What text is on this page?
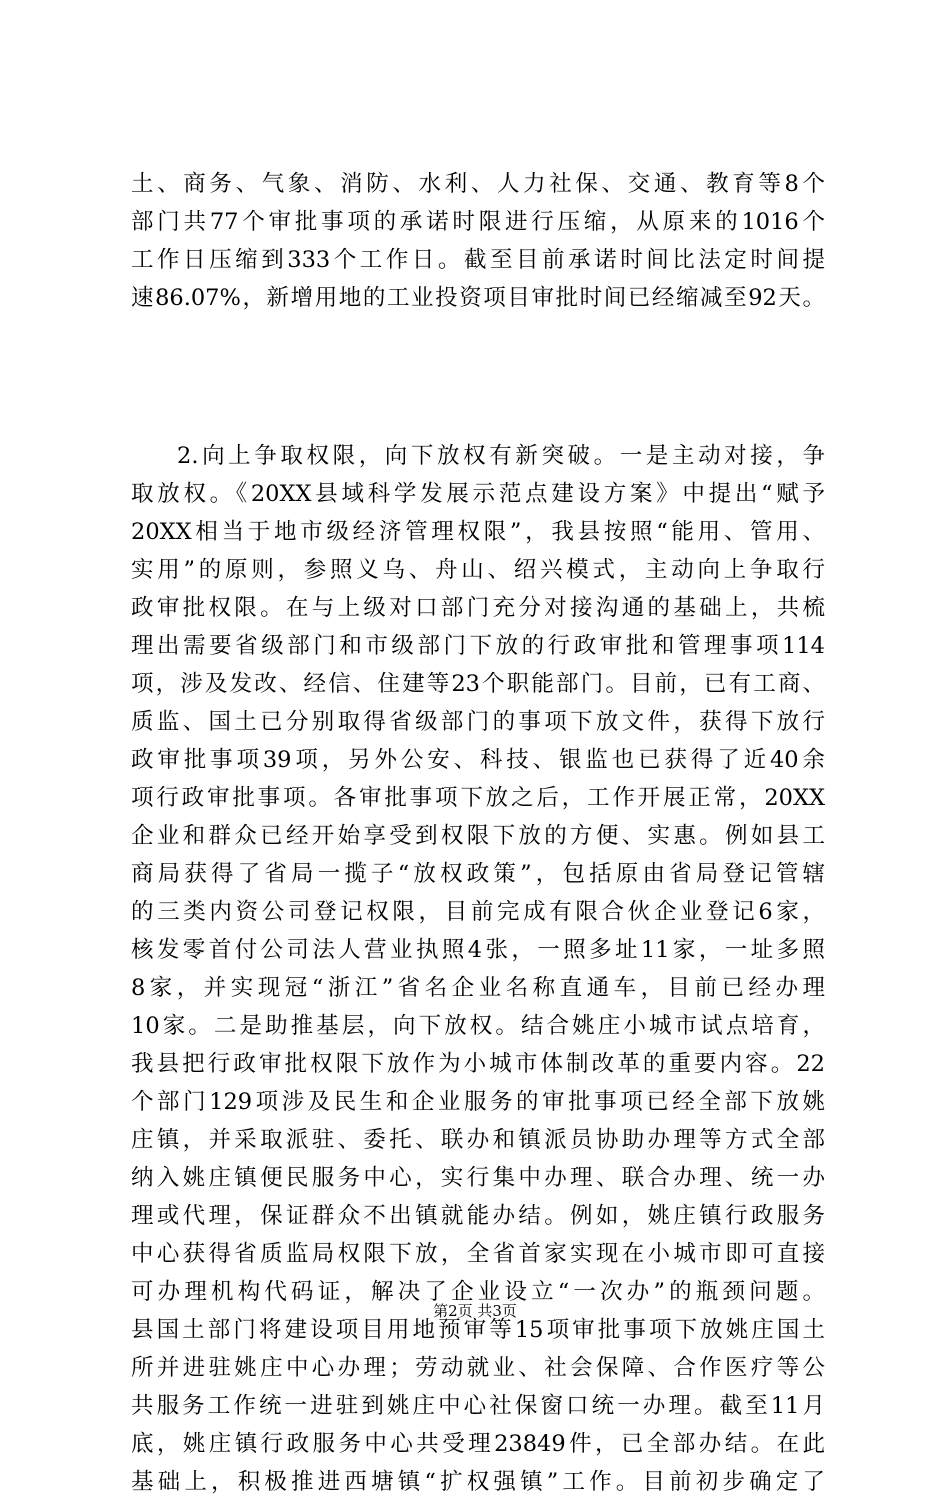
土、商务、气象、消防、水利、人力社保、交通、教育等8个
部门共77个审批事项的承诺时限进行压缩，从原来的1016个
工作日压缩到333个工作日。截至目前承诺时间比法定时间提
速86.07%，新增用地的工业投资项目审批时间已经缩减至92天。
2.向上争取权限，向下放权有新突破。一是主动对接，争
取放权。《20XX县域科学发展示范点建设方案》中提出“赋予
20XX相当于地市级经济管理权限”，我县按照“能用、管用、
实用”的原则，参照义乌、舟山、绍兴模式，主动向上争取行
政审批权限。在与上级对口部门充分对接沟通的基础上，共梳
理出需要省级部门和市级部门下放的行政审批和管理事项114
项，涉及发改、经信、住建等23个职能部门。目前，已有工商、
质监、国土已分别取得省级部门的事项下放文件，获得下放行
政审批事项39项，另外公安、科技、银监也已获得了近40余
项行政审批事项。各审批事项下放之后，工作开展正常，20XX
企业和群众已经开始享受到权限下放的方便、实惠。例如县工
商局获得了省局一揽子“放权政策”，包括原由省局登记管辖
的三类内资公司登记权限，目前完成有限合伙企业登记6家，
核发零首付公司法人营业执照4张，一照多址11家，一址多照
8家，并实现冠“浙江”省名企业名称直通车，目前已经办理
10家。二是助推基层，向下放权。结合姚庄小城市试点培育，
我县把行政审批权限下放作为小城市体制改革的重要内容。22
个部门129项涉及民生和企业服务的审批事项已经全部下放姚
庄镇，并采取派驻、委托、联办和镇派员协助办理等方式全部
纳入姚庄镇便民服务中心，实行集中办理、联合办理、统一办
理或代理，保证群众不出镇就能办结。例如，姚庄镇行政服务
中心获得省质监局权限下放，全省首家实现在小城市即可直接
可办理机构代码证，解决了企业设立“一次办”的瓶颈问题。
县国土部门将建设项目用地预审等15项审批事项下放姚庄国土
所并进驻姚庄中心办理；劳动就业、社会保障、合作医疗等公
共服务工作统一进驻到姚庄中心社保窗口统一办理。截至11月
底，姚庄镇行政服务中心共受理23849件，已全部办结。在此
基础上，积极推进西塘镇“扩权强镇”工作。目前初步确定了
第2页 共3页
